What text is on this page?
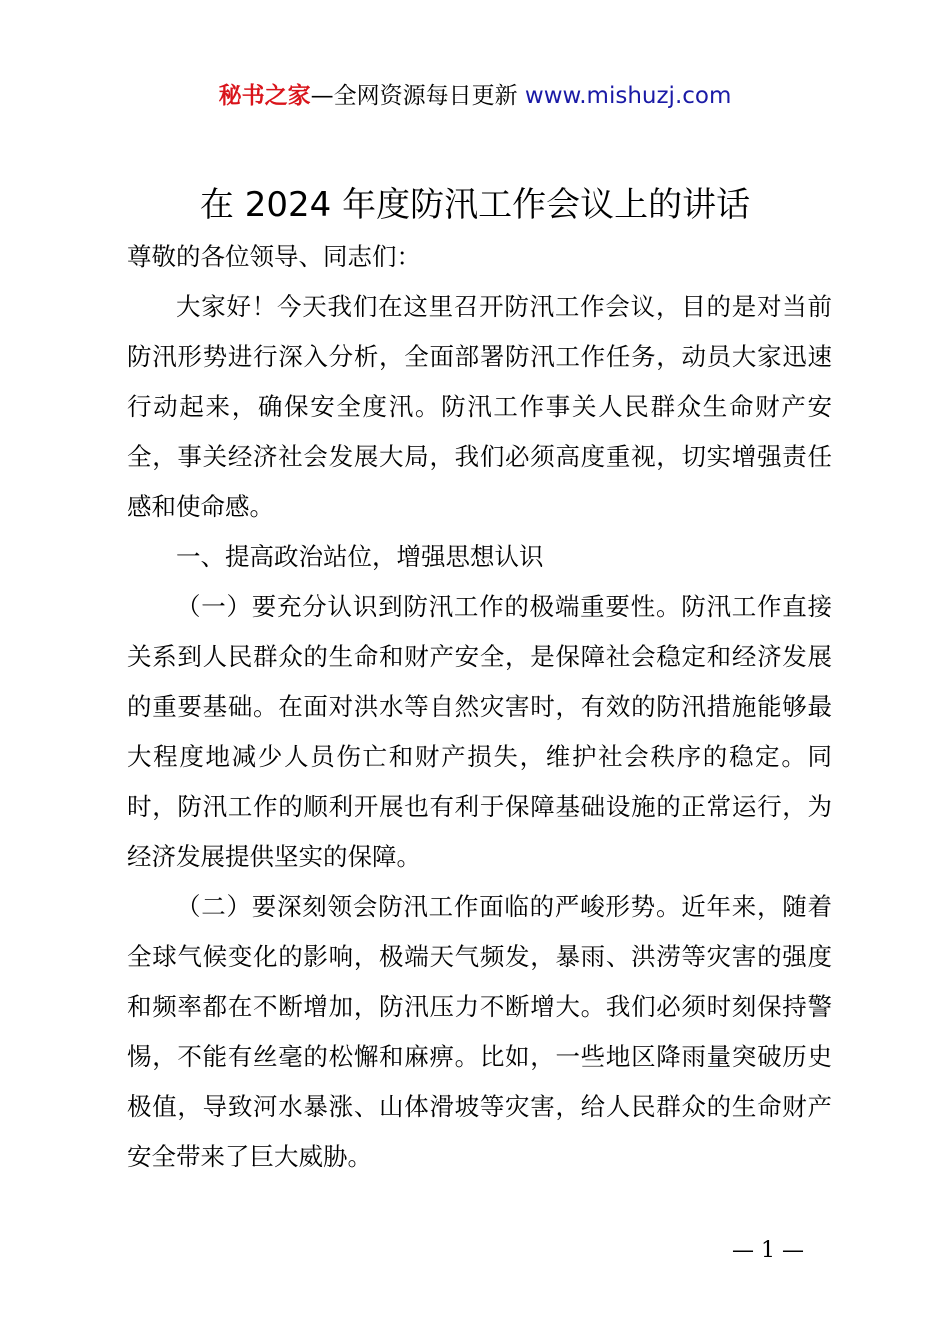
秘书之家—全网资源每日更新 www.mishuzj.com
在 2024 年度防汛工作会议上的讲话

尊敬的各位领导、同志们：

大家好！今天我们在这里召开防汛工作会议，目的是对当前防汛形势进行深入分析，全面部署防汛工作任务，动员大家迅速行动起来，确保安全度汛。防汛工作事关人民群众生命财产安全，事关经济社会发展大局，我们必须高度重视，切实增强责任感和使命感。

一、提高政治站位，增强思想认识

（一）要充分认识到防汛工作的极端重要性。防汛工作直接关系到人民群众的生命和财产安全，是保障社会稳定和经济发展的重要基础。在面对洪水等自然灾害时，有效的防汛措施能够最大程度地减少人员伤亡和财产损失，维护社会秩序的稳定。同时，防汛工作的顺利开展也有利于保障基础设施的正常运行，为经济发展提供坚实的保障。

（二）要深刻领会防汛工作面临的严峻形势。近年来，随着全球气候变化的影响，极端天气频发，暴雨、洪涝等灾害的强度和频率都在不断增加，防汛压力不断增大。我们必须时刻保持警惕，不能有丝毫的松懈和麻痹。比如，一些地区降雨量突破历史极值，导致河水暴涨、山体滑坡等灾害，给人民群众的生命财产安全带来了巨大威胁。

— 1 —
